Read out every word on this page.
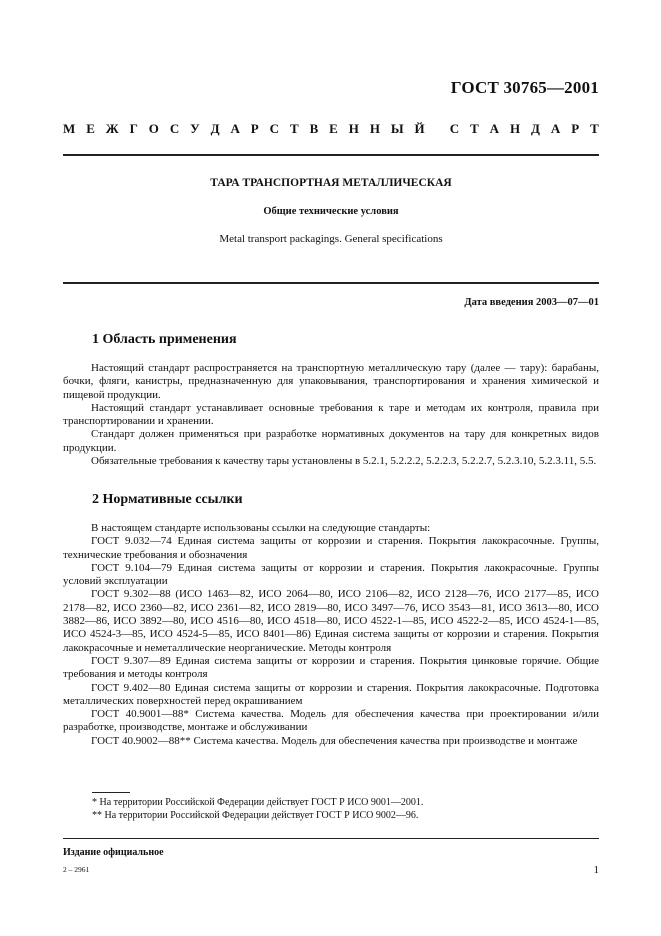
ГОСТ 30765—2001
М Е Ж Г О С У Д А Р С Т В Е Н Н Ы Й
С Т А Н Д А Р Т
ТАРА ТРАНСПОРТНАЯ МЕТАЛЛИЧЕСКАЯ
Общие технические условия
Metal transport packagings. General specifications
Дата введения 2003—07—01
1 Область применения

Настоящий стандарт распространяется на транспортную металлическую тару (далее — тару): барабаны, бочки, фляги, канистры, предназначенную для упаковывания, транспортирования и хранения химической и пищевой продукции.

Настоящий стандарт устанавливает основные требования к таре и методам их контроля, правила при транспортировании и хранении.

Стандарт должен применяться при разработке нормативных документов на тару для конкретных видов продукции.

Обязательные требования к качеству тары установлены в 5.2.1, 5.2.2.2, 5.2.2.3, 5.2.2.7, 5.2.3.10, 5.2.3.11, 5.5.

2 Нормативные ссылки

В настоящем стандарте использованы ссылки на следующие стандарты:

ГОСТ 9.032—74 Единая система защиты от коррозии и старения. Покрытия лакокрасочные. Группы, технические требования и обозначения

ГОСТ 9.104—79 Единая система защиты от коррозии и старения. Покрытия лакокрасочные. Группы условий эксплуатации

ГОСТ 9.302—88 (ИСО 1463—82, ИСО 2064—80, ИСО 2106—82, ИСО 2128—76, ИСО 2177—85, ИСО 2178—82, ИСО 2360—82, ИСО 2361—82, ИСО 2819—80, ИСО 3497—76, ИСО 3543—81, ИСО 3613—80, ИСО 3882—86, ИСО 3892—80, ИСО 4516—80, ИСО 4518—80, ИСО 4522-1—85, ИСО 4522-2—85, ИСО 4524-1—85, ИСО 4524-3—85, ИСО 4524-5—85, ИСО 8401—86) Единая система защиты от коррозии и старения. Покрытия лакокрасочные и неметаллические неорганические. Методы контроля

ГОСТ 9.307—89 Единая система защиты от коррозии и старения. Покрытия цинковые горячие. Общие требования и методы контроля

ГОСТ 9.402—80 Единая система защиты от коррозии и старения. Покрытия лакокрасочные. Подготовка металлических поверхностей перед окрашиванием

ГОСТ 40.9001—88* Система качества. Модель для обеспечения качества при проектировании и/или разработке, производстве, монтаже и обслуживании

ГОСТ 40.9002—88** Система качества. Модель для обеспечения качества при производстве и монтаже

* На территории Российской Федерации действует ГОСТ Р ИСО 9001—2001.
** На территории Российской Федерации действует ГОСТ Р ИСО 9002—96.
Издание официальное
2 – 2961	1
